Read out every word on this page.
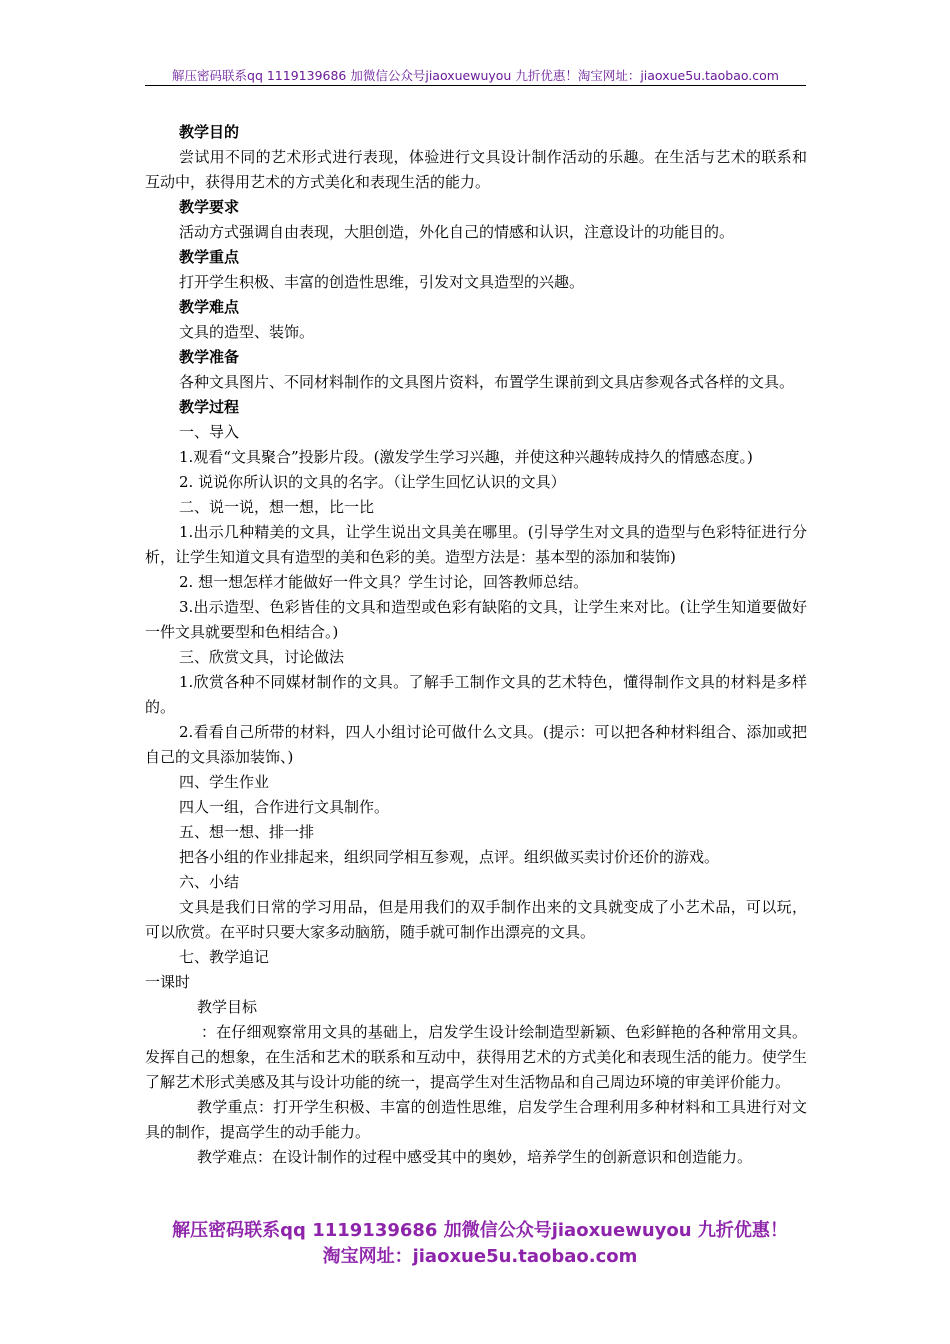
解压密码联系qq 1119139686 加微信公众号jiaoxuewuyou 九折优惠！淘宝网址：jiaoxue5u.taobao.com

教学目的

尝试用不同的艺术形式进行表现，体验进行文具设计制作活动的乐趣。在生活与艺术的联系和互动中，获得用艺术的方式美化和表现生活的能力。

教学要求

活动方式强调自由表现，大胆创造，外化自己的情感和认识，注意设计的功能目的。

教学重点

打开学生积极、丰富的创造性思维，引发对文具造型的兴趣。

教学难点

文具的造型、装饰。

教学准备

各种文具图片、不同材料制作的文具图片资料，布置学生课前到文具店参观各式各样的文具。

教学过程

一、导入

1.观看“文具聚合”投影片段。(激发学生学习兴趣，并使这种兴趣转成持久的情感态度。)

2. 说说你所认识的文具的名字。（让学生回忆认识的文具）

二、说一说，想一想，比一比

1.出示几种精美的文具，让学生说出文具美在哪里。(引导学生对文具的造型与色彩特征进行分析，让学生知道文具有造型的美和色彩的美。造型方法是：基本型的添加和装饰)

2. 想一想怎样才能做好一件文具？学生讨论，回答教师总结。

3.出示造型、色彩皆佳的文具和造型或色彩有缺陷的文具，让学生来对比。(让学生知道要做好一件文具就要型和色相结合。)

三、欣赏文具，讨论做法

1.欣赏各种不同媒材制作的文具。了解手工制作文具的艺术特色，懂得制作文具的材料是多样的。

2.看看自己所带的材料，四人小组讨论可做什么文具。(提示：可以把各种材料组合、添加或把自己的文具添加装饰、)

四、学生作业

四人一组，合作进行文具制作。

五、想一想、排一排

把各小组的作业排起来，组织同学相互参观，点评。组织做买卖讨价还价的游戏。

六、小结

文具是我们日常的学习用品，但是用我们的双手制作出来的文具就变成了小艺术品，可以玩，可以欣赏。在平时只要大家多动脑筋，随手就可制作出漂亮的文具。

七、教学追记

一课时

教学目标

：在仔细观察常用文具的基础上，启发学生设计绘制造型新颖、色彩鲜艳的各种常用文具。发挥自己的想象，在生活和艺术的联系和互动中，获得用艺术的方式美化和表现生活的能力。使学生了解艺术形式美感及其与设计功能的统一，提高学生对生活物品和自己周边环境的审美评价能力。

教学重点：打开学生积极、丰富的创造性思维，启发学生合理利用多种材料和工具进行对文具的制作，提高学生的动手能力。

教学难点：在设计制作的过程中感受其中的奥妙，培养学生的创新意识和创造能力。

解压密码联系qq 1119139686 加微信公众号jiaoxuewuyou 九折优惠！
淘宝网址：jiaoxue5u.taobao.com
